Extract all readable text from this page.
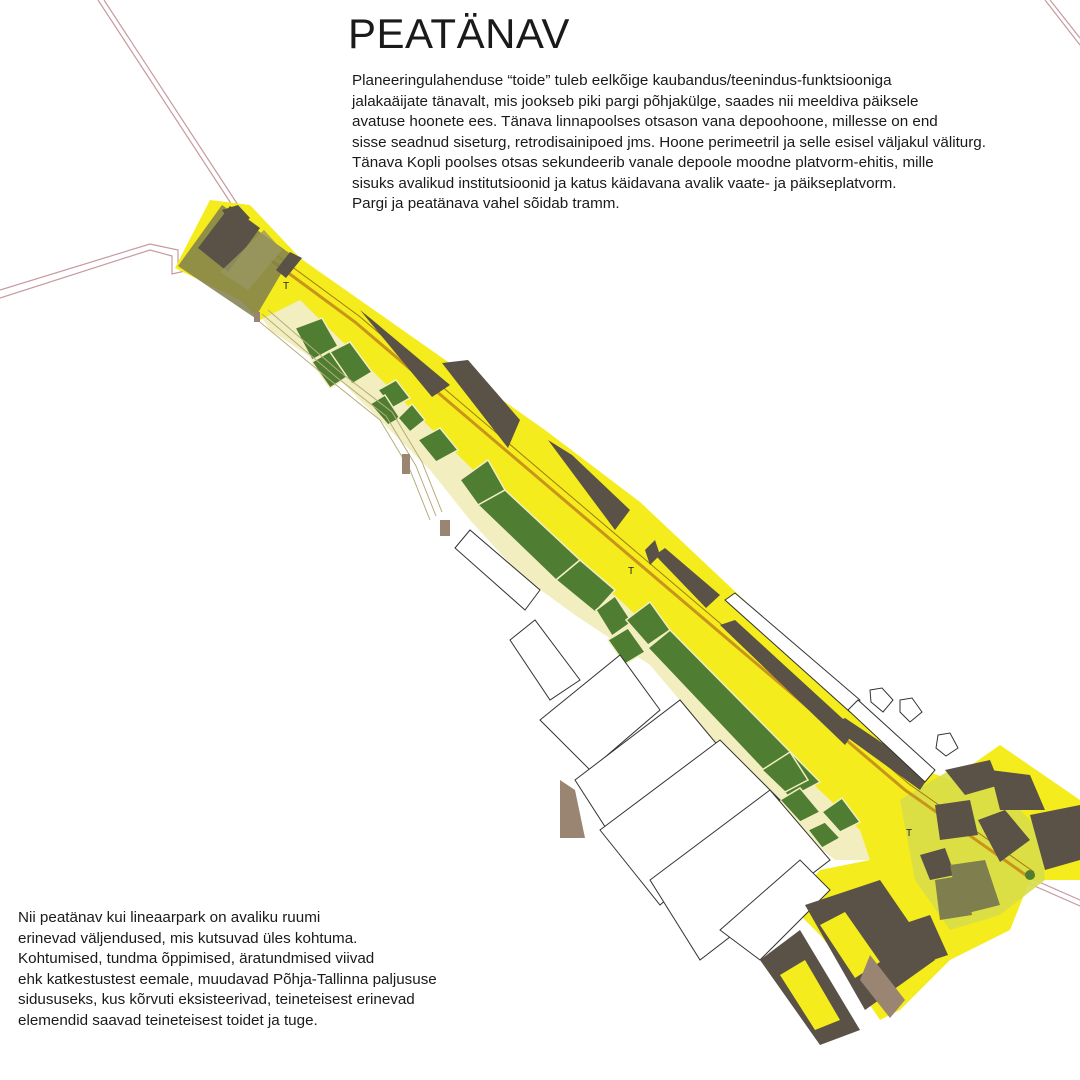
T
T
T
PEATÄNAV
Planeeringulahenduse “toide” tuleb eelkõige kaubandus/teenindus-funktsiooniga
jalakaäijate tänavalt, mis jookseb piki pargi põhjakülge, saades nii meeldiva päiksele
avatuse hoonete ees. Tänava linnapoolses otsason vana depoohoone, millesse on end
sisse seadnud siseturg, retrodisainipoed jms. Hoone perimeetril ja selle esisel väljakul väliturg.
Tänava Kopli poolses otsas sekundeerib vanale depoole moodne platvorm-ehitis, mille
sisuks avalikud institutsioonid ja katus käidavana avalik vaate- ja päikseplatvorm.
Pargi ja peatänava vahel sõidab tramm.
Nii peatänav kui lineaarpark on avaliku ruumi
erinevad väljendused, mis kutsuvad üles kohtuma.
Kohtumised, tundma õppimised, äratundmised viivad
ehk katkestustest eemale, muudavad Põhja-Tallinna paljususe
sidususeks, kus kõrvuti eksisteerivad, teineteisest erinevad
elemendid saavad teineteisest toidet ja tuge.
